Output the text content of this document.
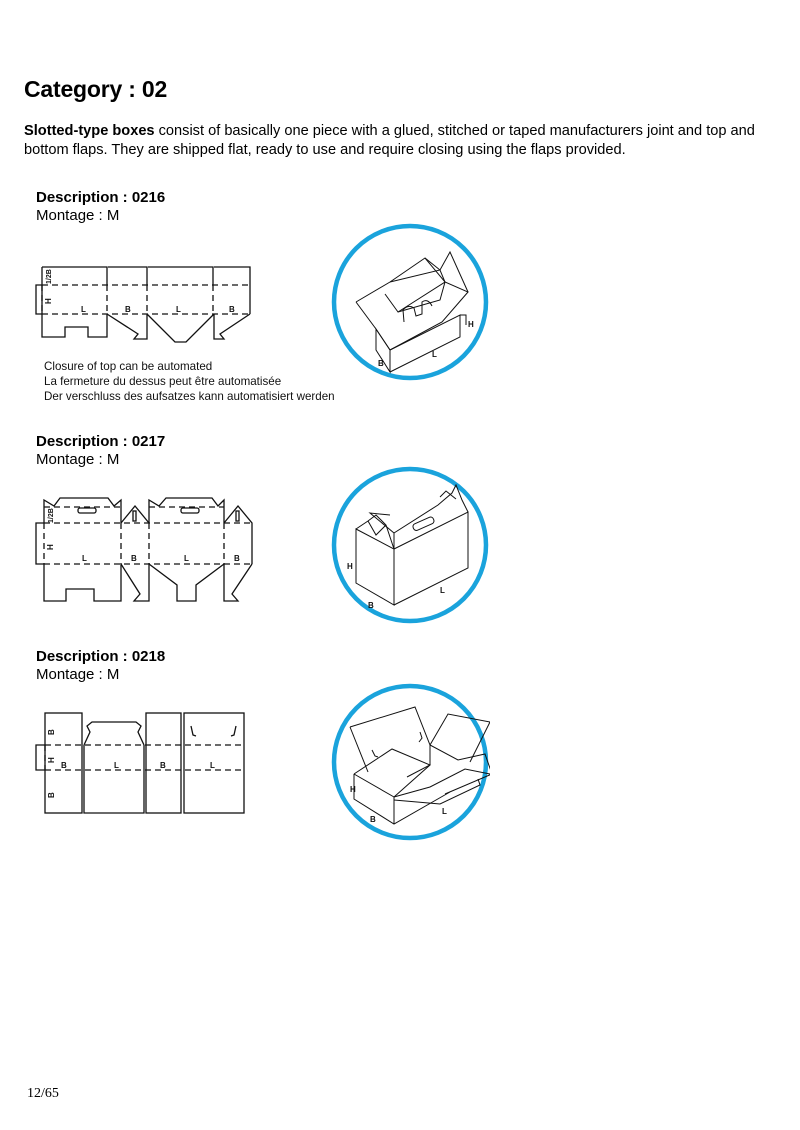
Category : 02

Slotted-type boxes consist of basically one piece with a glued, stitched or taped manufacturers joint and top and bottom flaps. They are shipped flat, ready to use and require closing using the flaps provided.

Description : 0216
Montage : M
L	B	L	B
H
1/2B
Closure of top can be automated
La fermeture du dessus peut être automatisée
Der verschluss des aufsatzes kann automatisiert werden
H
B
L
Description : 0217
Montage : M
L	B	L	B
H
1/2B
H
B
L
Description : 0218
Montage : M
B
H
B
B	L	B	L
H
B
L
12/65
